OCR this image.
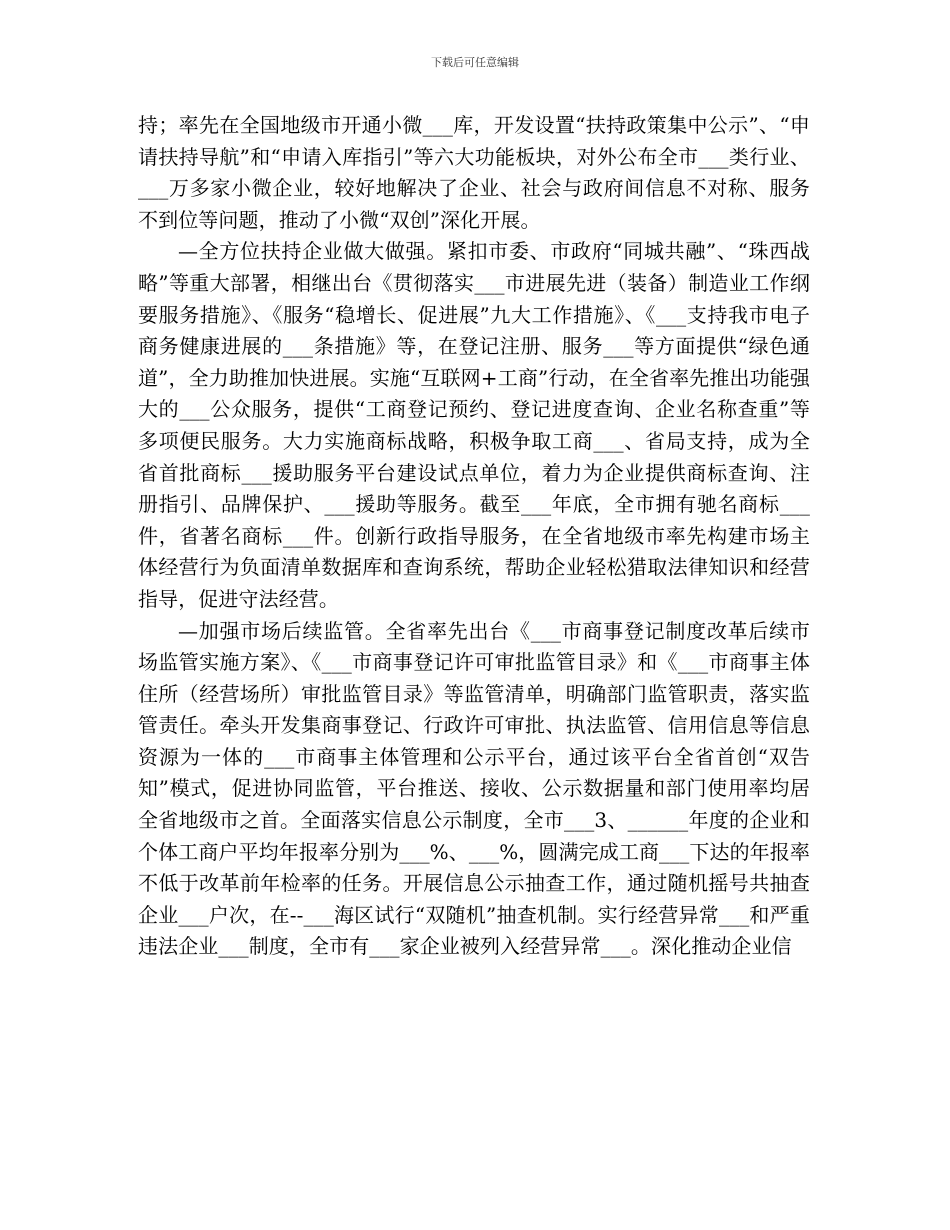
下载后可任意编辑

持；率先在全国地级市开通小微___库，开发设置“扶持政策集中公示”、“申请扶持导航”和“申请入库指引”等六大功能板块，对外公布全市___类行业、___万多家小微企业，较好地解决了企业、社会与政府间信息不对称、服务不到位等问题，推动了小微“双创”深化开展。

—全方位扶持企业做大做强。紧扣市委、市政府“同城共融”、“珠西战略”等重大部署，相继出台《贯彻落实___市进展先进（装备）制造业工作纲要服务措施》、《服务“稳增长、促进展”九大工作措施》、《___支持我市电子商务健康进展的___条措施》等，在登记注册、服务___等方面提供“绿色通道”，全力助推加快进展。实施“互联网+工商”行动，在全省率先推出功能强大的___公众服务，提供“工商登记预约、登记进度查询、企业名称查重”等多项便民服务。大力实施商标战略，积极争取工商___、省局支持，成为全省首批商标___援助服务平台建设试点单位，着力为企业提供商标查询、注册指引、品牌保护、___援助等服务。截至___年底，全市拥有驰名商标___件，省著名商标___件。创新行政指导服务，在全省地级市率先构建市场主体经营行为负面清单数据库和查询系统，帮助企业轻松猎取法律知识和经营指导，促进守法经营。

—加强市场后续监管。全省率先出台《___市商事登记制度改革后续市场监管实施方案》、《___市商事登记许可审批监管目录》和《___市商事主体住所（经营场所）审批监管目录》等监管清单，明确部门监管职责，落实监管责任。牵头开发集商事登记、行政许可审批、执法监管、信用信息等信息资源为一体的___市商事主体管理和公示平台，通过该平台全省首创“双告知”模式，促进协同监管，平台推送、接收、公示数据量和部门使用率均居全省地级市之首。全面落实信息公示制度，全市___3、______年度的企业和个体工商户平均年报率分别为___%、___%，圆满完成工商___下达的年报率不低于改革前年检率的任务。开展信息公示抽查工作，通过随机摇号共抽查企业___户次，在--___海区试行“双随机”抽查机制。实行经营异常___和严重违法企业___制度，全市有___家企业被列入经营异常___。深化推动企业信
